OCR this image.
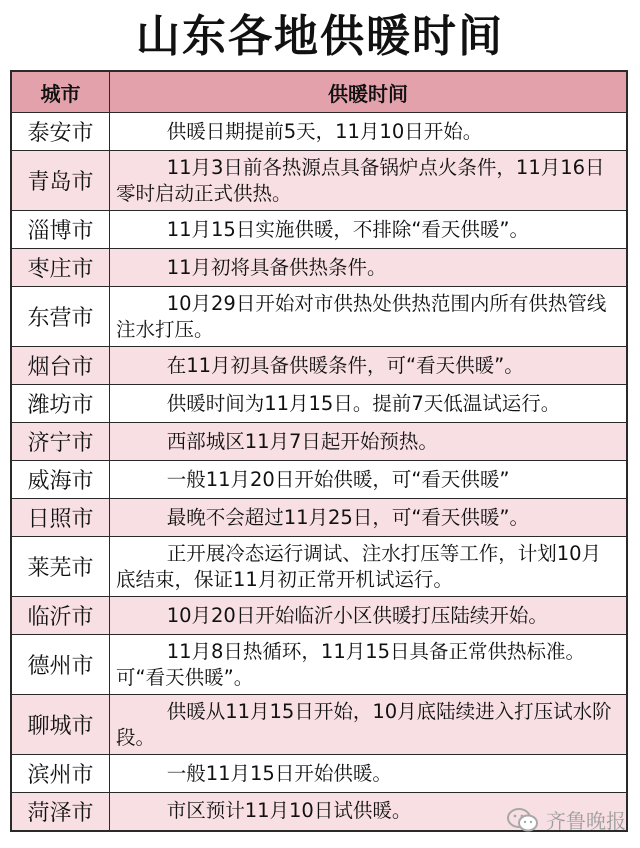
山东各地供暖时间
城市	供暖时间
泰安市	供暖日期提前5天，11月10日开始。
青岛市	11月3日前各热源点具备锅炉点火条件，11月16日零时启动正式供热。
淄博市	11月15日实施供暖，不排除“看天供暖”。
枣庄市	11月初将具备供热条件。
东营市	10月29日开始对市供热处供热范围内所有供热管线注水打压。
烟台市	在11月初具备供暖条件，可“看天供暖”。
潍坊市	供暖时间为11月15日。提前7天低温试运行。
济宁市	西部城区11月7日起开始预热。
威海市	一般11月20日开始供暖，可“看天供暖”
日照市	最晚不会超过11月25日，可“看天供暖”。
莱芜市	正开展冷态运行调试、注水打压等工作，计划10月底结束，保证11月初正常开机试运行。
临沂市	10月20日开始临沂小区供暖打压陆续开始。
德州市	11月8日热循环，11月15日具备正常供热标准。可“看天供暖”。
聊城市	供暖从11月15日开始，10月底陆续进入打压试水阶段。
滨州市	一般11月15日开始供暖。
菏泽市	市区预计11月10日试供暖。	齐鲁晚报
